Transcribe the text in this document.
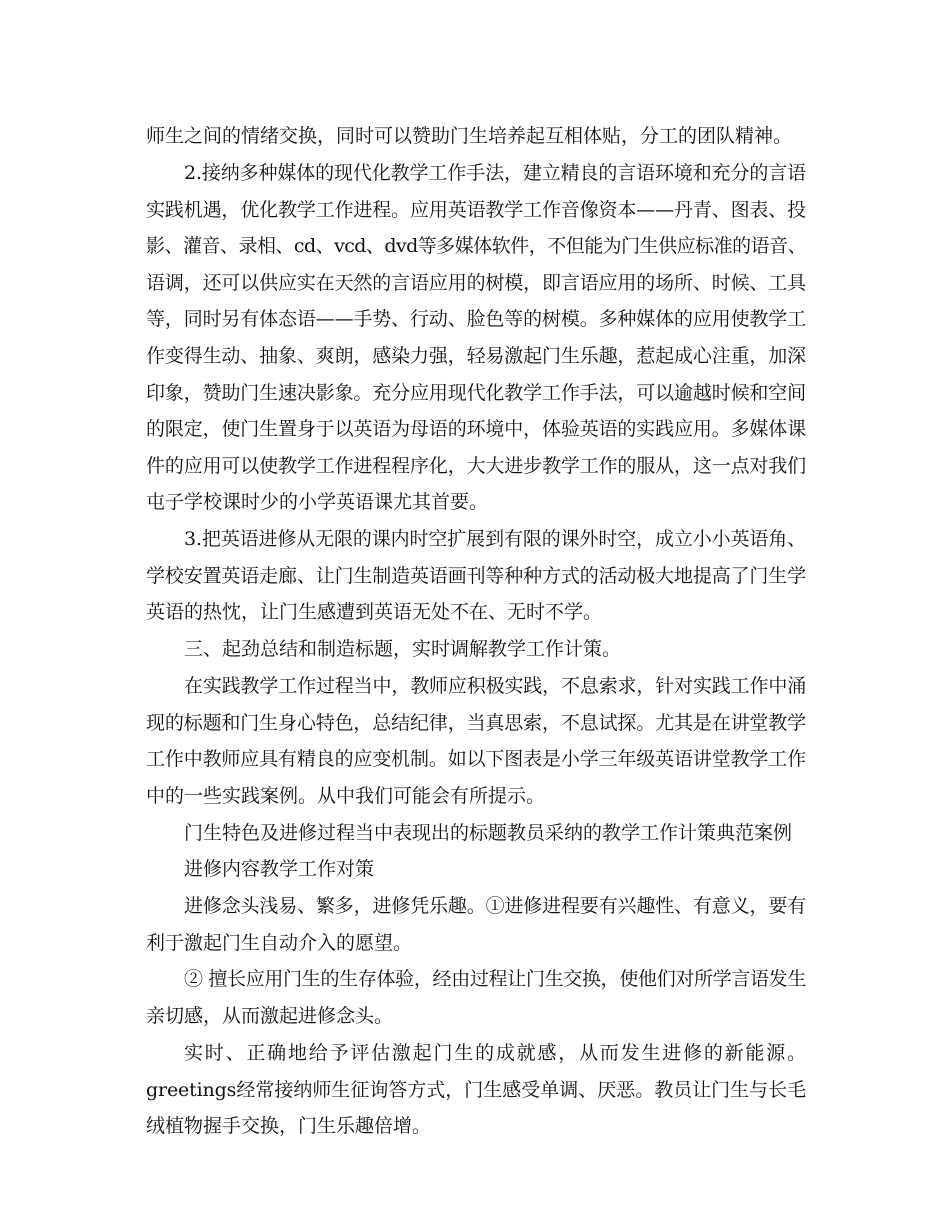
师生之间的情绪交换，同时可以赞助门生培养起互相体贴，分工的团队精神。
2.接纳多种媒体的现代化教学工作手法，建立精良的言语环境和充分的言语
实践机遇，优化教学工作进程。应用英语教学工作音像资本——丹青、图表、投
影、灌音、录相、cd、vcd、dvd等多媒体软件，不但能为门生供应标准的语音、
语调，还可以供应实在天然的言语应用的树模，即言语应用的场所、时候、工具
等，同时另有体态语——手势、行动、脸色等的树模。多种媒体的应用使教学工
作变得生动、抽象、爽朗，感染力强，轻易激起门生乐趣，惹起成心注重，加深
印象，赞助门生速决影象。充分应用现代化教学工作手法，可以逾越时候和空间
的限定，使门生置身于以英语为母语的环境中，体验英语的实践应用。多媒体课
件的应用可以使教学工作进程程序化，大大进步教学工作的服从，这一点对我们
屯子学校课时少的小学英语课尤其首要。
3.把英语进修从无限的课内时空扩展到有限的课外时空，成立小小英语角、
学校安置英语走廊、让门生制造英语画刊等种种方式的活动极大地提高了门生学
英语的热忱，让门生感遭到英语无处不在、无时不学。
三、起劲总结和制造标题，实时调解教学工作计策。
在实践教学工作过程当中，教师应积极实践，不息索求，针对实践工作中涌
现的标题和门生身心特色，总结纪律，当真思索，不息试探。尤其是在讲堂教学
工作中教师应具有精良的应变机制。如以下图表是小学三年级英语讲堂教学工作
中的一些实践案例。从中我们可能会有所提示。
门生特色及进修过程当中表现出的标题教员采纳的教学工作计策典范案例
进修内容教学工作对策
进修念头浅易、繁多，进修凭乐趣。①进修进程要有兴趣性、有意义，要有
利于激起门生自动介入的愿望。
② 擅长应用门生的生存体验，经由过程让门生交换，使他们对所学言语发生
亲切感，从而激起进修念头。
实时、正确地给予评估激起门生的成就感，从而发生进修的新能源。
greetings经常接纳师生征询答方式，门生感受单调、厌恶。教员让门生与长毛
绒植物握手交换，门生乐趣倍增。
